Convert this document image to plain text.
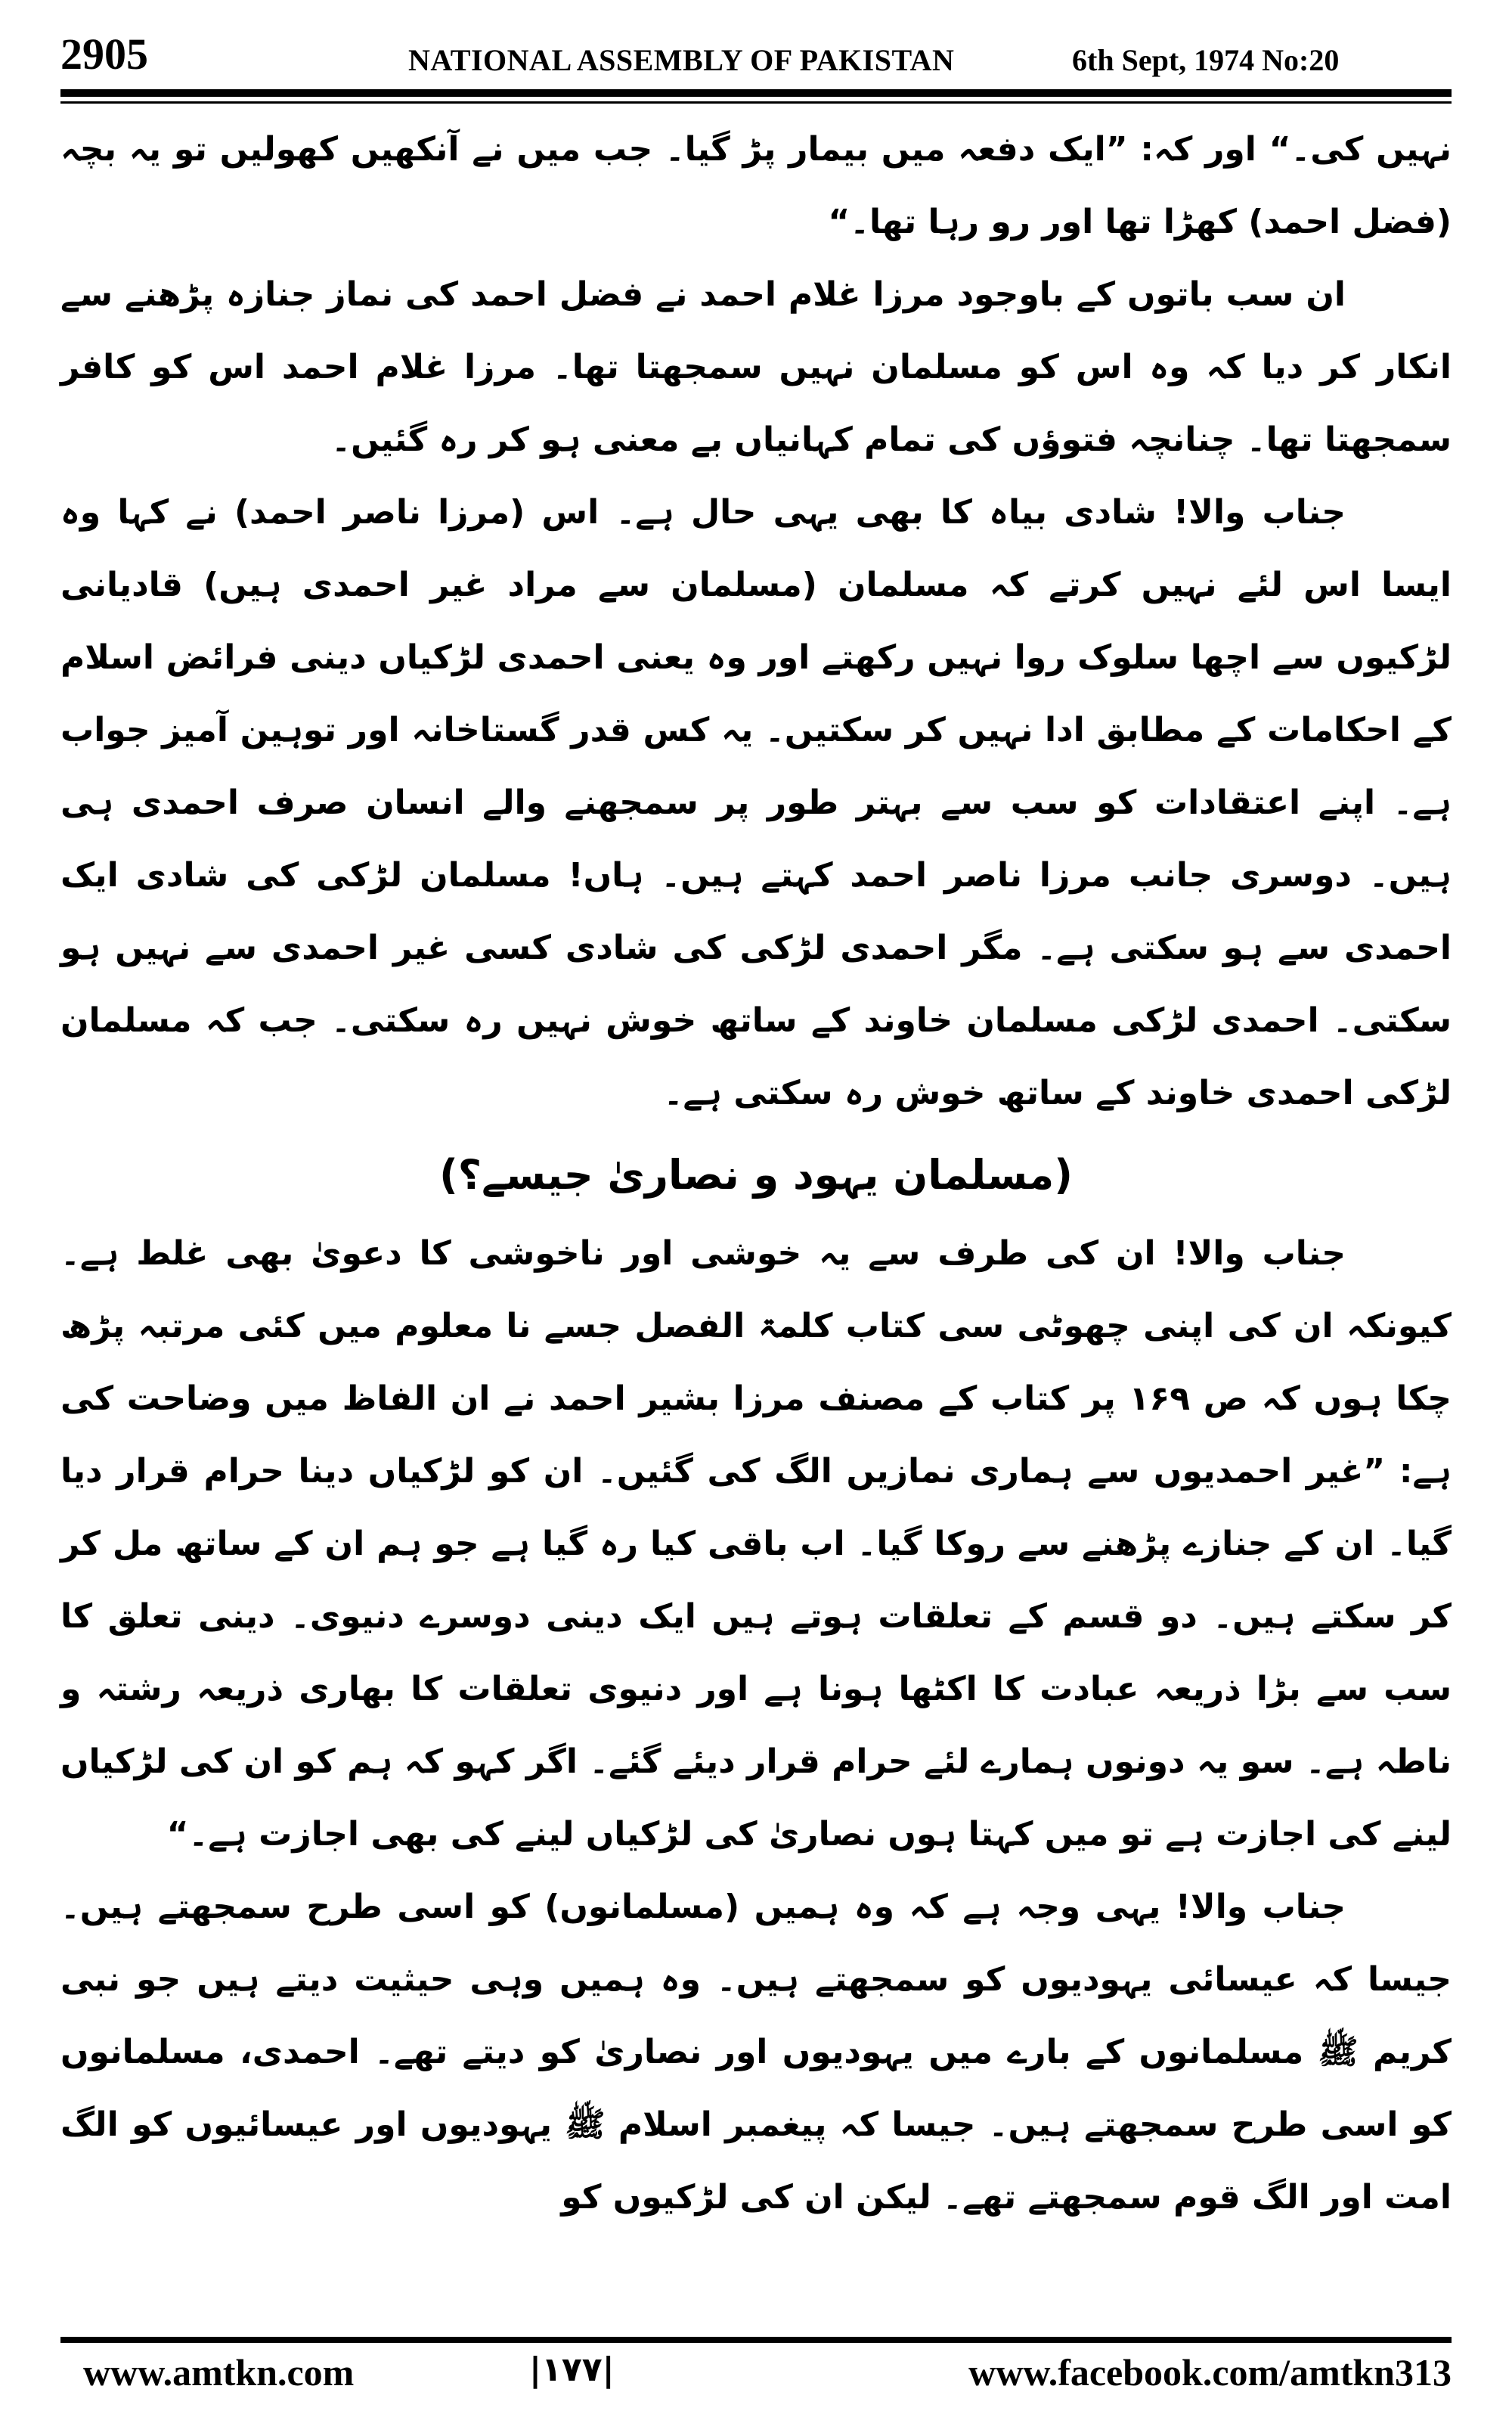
2905	NATIONAL ASSEMBLY OF PAKISTAN	6th Sept, 1974 No:20

نہیں کی۔“ اور کہ: ”ایک دفعہ میں بیمار پڑ گیا۔ جب میں نے آنکھیں کھولیں تو یہ بچہ (فضل احمد) کھڑا تھا اور رو رہا تھا۔“

ان سب باتوں کے باوجود مرزا غلام احمد نے فضل احمد کی نماز جنازہ پڑھنے سے انکار کر دیا کہ وہ اس کو مسلمان نہیں سمجھتا تھا۔ مرزا غلام احمد اس کو کافر سمجھتا تھا۔ چنانچہ فتوؤں کی تمام کہانیاں بے معنی ہو کر رہ گئیں۔

جناب والا! شادی بیاہ کا بھی یہی حال ہے۔ اس (مرزا ناصر احمد) نے کہا وہ ایسا اس لئے نہیں کرتے کہ مسلمان (مسلمان سے مراد غیر احمدی ہیں) قادیانی لڑکیوں سے اچھا سلوک روا نہیں رکھتے اور وہ یعنی احمدی لڑکیاں دینی فرائض اسلام کے احکامات کے مطابق ادا نہیں کر سکتیں۔ یہ کس قدر گستاخانہ اور توہین آمیز جواب ہے۔ اپنے اعتقادات کو سب سے بہتر طور پر سمجھنے والے انسان صرف احمدی ہی ہیں۔ دوسری جانب مرزا ناصر احمد کہتے ہیں۔ ہاں! مسلمان لڑکی کی شادی ایک احمدی سے ہو سکتی ہے۔ مگر احمدی لڑکی کی شادی کسی غیر احمدی سے نہیں ہو سکتی۔ احمدی لڑکی مسلمان خاوند کے ساتھ خوش نہیں رہ سکتی۔ جب کہ مسلمان لڑکی احمدی خاوند کے ساتھ خوش رہ سکتی ہے۔

(مسلمان یہود و نصاریٰ جیسے؟)

جناب والا! ان کی طرف سے یہ خوشی اور ناخوشی کا دعویٰ بھی غلط ہے۔ کیونکہ ان کی اپنی چھوٹی سی کتاب کلمۃ الفصل جسے نا معلوم میں کئی مرتبہ پڑھ چکا ہوں کہ ص ۱۶۹ پر کتاب کے مصنف مرزا بشیر احمد نے ان الفاظ میں وضاحت کی ہے: ”غیر احمدیوں سے ہماری نمازیں الگ کی گئیں۔ ان کو لڑکیاں دینا حرام قرار دیا گیا۔ ان کے جنازے پڑھنے سے روکا گیا۔ اب باقی کیا رہ گیا ہے جو ہم ان کے ساتھ مل کر کر سکتے ہیں۔ دو قسم کے تعلقات ہوتے ہیں ایک دینی دوسرے دنیوی۔ دینی تعلق کا سب سے بڑا ذریعہ عبادت کا اکٹھا ہونا ہے اور دنیوی تعلقات کا بھاری ذریعہ رشتہ و ناطہ ہے۔ سو یہ دونوں ہمارے لئے حرام قرار دیئے گئے۔ اگر کہو کہ ہم کو ان کی لڑکیاں لینے کی اجازت ہے تو میں کہتا ہوں نصاریٰ کی لڑکیاں لینے کی بھی اجازت ہے۔“

جناب والا! یہی وجہ ہے کہ وہ ہمیں (مسلمانوں) کو اسی طرح سمجھتے ہیں۔ جیسا کہ عیسائی یہودیوں کو سمجھتے ہیں۔ وہ ہمیں وہی حیثیت دیتے ہیں جو نبی کریم ﷺ مسلمانوں کے بارے میں یہودیوں اور نصاریٰ کو دیتے تھے۔ احمدی، مسلمانوں کو اسی طرح سمجھتے ہیں۔ جیسا کہ پیغمبر اسلام ﷺ یہودیوں اور عیسائیوں کو الگ امت اور الگ قوم سمجھتے تھے۔ لیکن ان کی لڑکیوں کو

www.amtkn.com	|۱۷۷|	www.facebook.com/amtkn313
